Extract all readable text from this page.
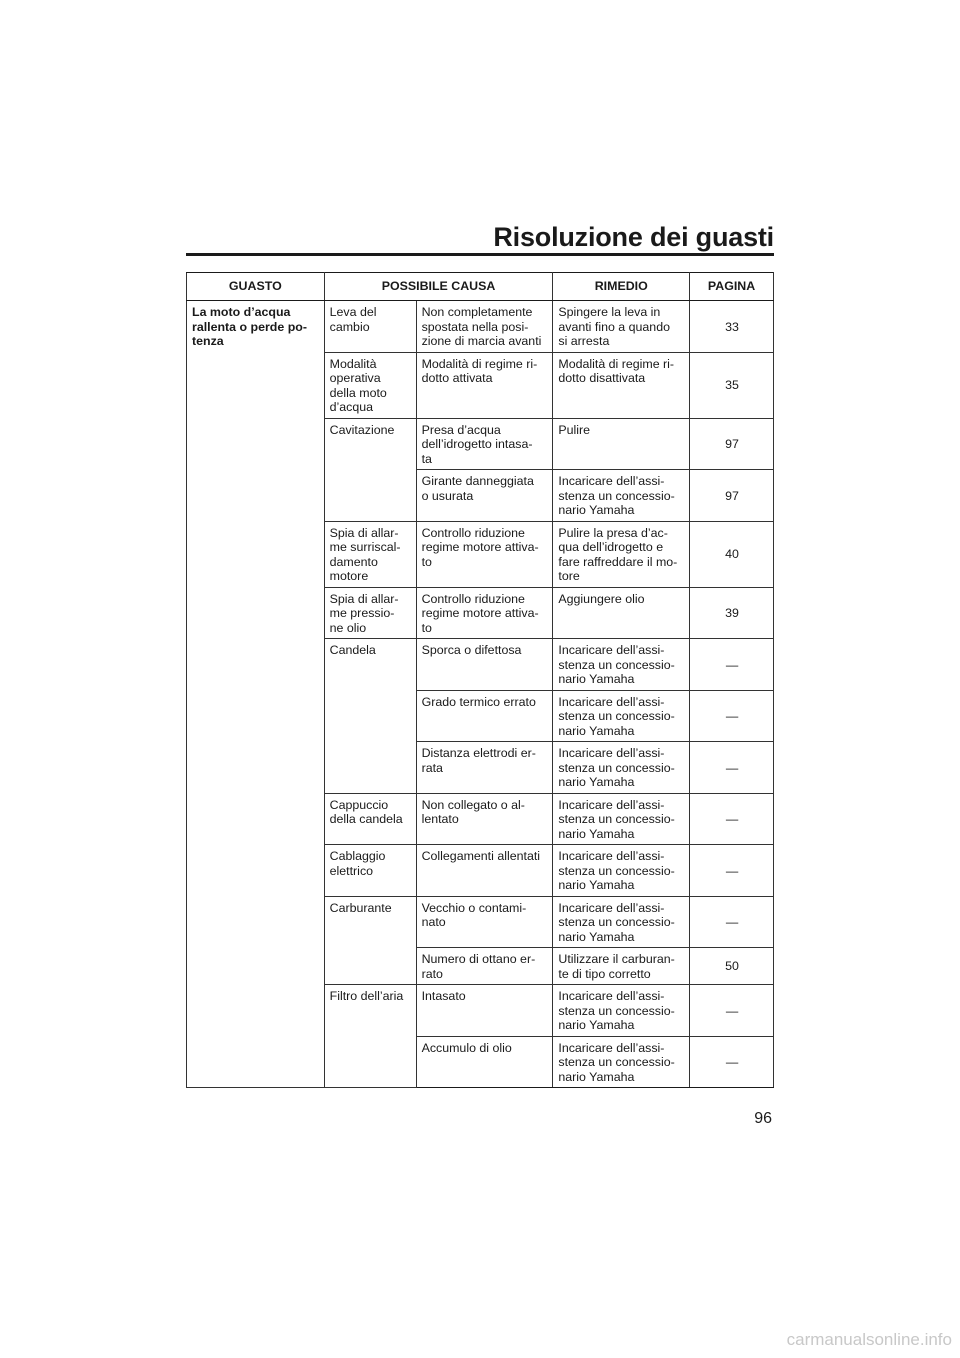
Risoluzione dei guasti
GUASTO	POSSIBILE CAUSA		RIMEDIO	PAGINA
La moto d’acqua
rallenta o perde po-
tenza	Leva del
cambio	Non completamente
spostata nella posi-
zione di marcia avanti	Spingere la leva in
avanti fino a quando
si arresta	33
	Modalità
operativa
della moto
d’acqua	Modalità di regime ri-
dotto attivata	Modalità di regime ri-
dotto disattivata	35
	Cavitazione	Presa d’acqua
dell’idrogetto intasa-
ta	Pulire	97
		Girante danneggiata
o usurata	Incaricare dell’assi-
stenza un concessio-
nario Yamaha	97
	Spia di allar-
me surriscal-
damento
motore	Controllo riduzione
regime motore attiva-
to	Pulire la presa d’ac-
qua dell’idrogetto e
fare raffreddare il mo-
tore	40
	Spia di allar-
me pressio-
ne olio	Controllo riduzione
regime motore attiva-
to	Aggiungere olio	39
	Candela	Sporca o difettosa	Incaricare dell’assi-
stenza un concessio-
nario Yamaha	—
		Grado termico errato	Incaricare dell’assi-
stenza un concessio-
nario Yamaha	—
		Distanza elettrodi er-
rata	Incaricare dell’assi-
stenza un concessio-
nario Yamaha	—
	Cappuccio
della candela	Non collegato o al-
lentato	Incaricare dell’assi-
stenza un concessio-
nario Yamaha	—
	Cablaggio
elettrico	Collegamenti allentati	Incaricare dell’assi-
stenza un concessio-
nario Yamaha	—
	Carburante	Vecchio o contami-
nato	Incaricare dell’assi-
stenza un concessio-
nario Yamaha	—
		Numero di ottano er-
rato	Utilizzare il carburan-
te di tipo corretto	50
	Filtro dell’aria	Intasato	Incaricare dell’assi-
stenza un concessio-
nario Yamaha	—
		Accumulo di olio	Incaricare dell’assi-
stenza un concessio-
nario Yamaha	—
96
carmanualsonline.info
